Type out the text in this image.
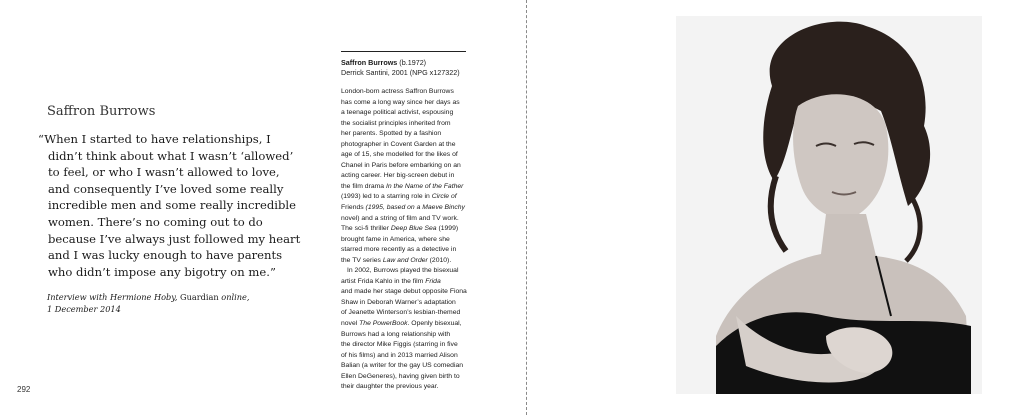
Saffron Burrows
“When I started to have relationships, I
didn’t think about what I wasn’t ‘allowed’
to feel, or who I wasn’t allowed to love,
and consequently I’ve loved some really
incredible men and some really incredible
women. There’s no coming out to do
because I’ve always just followed my heart
and I was lucky enough to have parents
who didn’t impose any bigotry on me.”
Interview with Hermione Hoby, Guardian online,
1 December 2014
292
Saffron Burrows (b.1972)
Derrick Santini, 2001 (NPG x127322)
London-born actress Saffron Burrows
has come a long way since her days as
a teenage political activist, espousing
the socialist principles inherited from
her parents. Spotted by a fashion
photographer in Covent Garden at the
age of 15, she modelled for the likes of
Chanel in Paris before embarking on an
acting career. Her big-screen debut in
the film drama In the Name of the Father
(1993) led to a starring role in Circle of
Friends (1995, based on a Maeve Binchy
novel) and a string of film and TV work.
The sci-fi thriller Deep Blue Sea (1999)
brought fame in America, where she
starred more recently as a detective in
the TV series Law and Order (2010).
In 2002, Burrows played the bisexual
artist Frida Kahlo in the film Frida
and made her stage debut opposite Fiona
Shaw in Deborah Warner’s adaptation
of Jeanette Winterson’s lesbian-themed
novel The PowerBook. Openly bisexual,
Burrows had a long relationship with
the director Mike Figgis (starring in five
of his films) and in 2013 married Alison
Balian (a writer for the gay US comedian
Ellen DeGeneres), having given birth to
their daughter the previous year.
